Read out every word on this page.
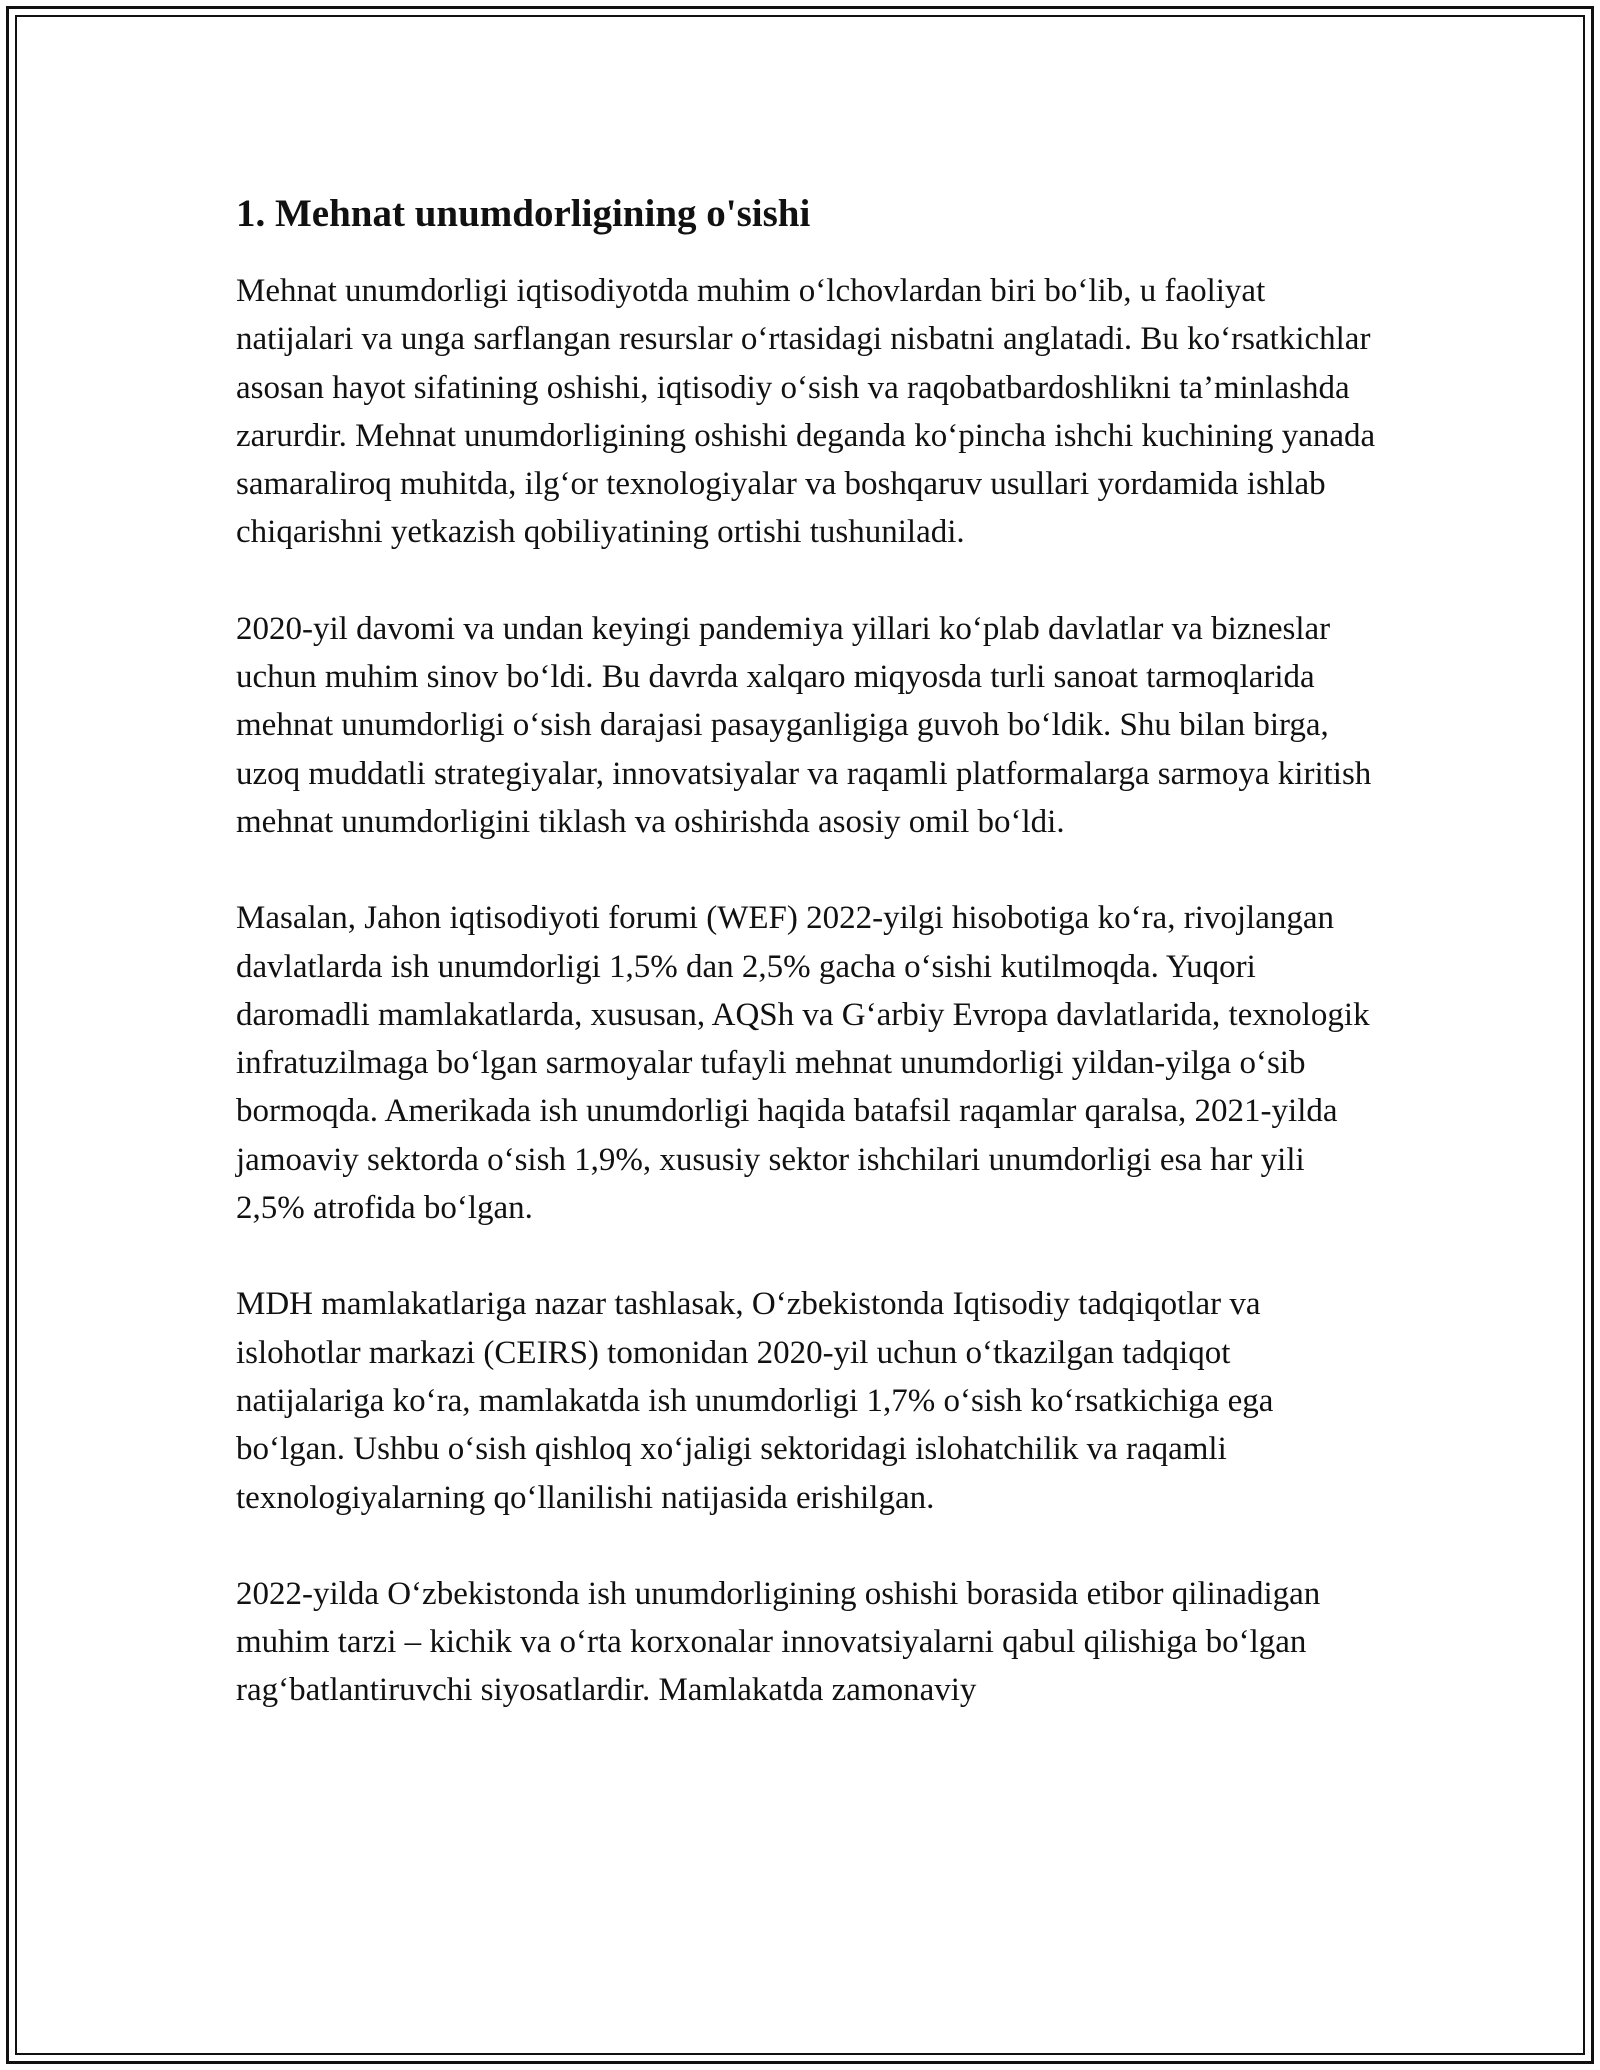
1. Mehnat unumdorligining o'sishi

Mehnat unumdorligi iqtisodiyotda muhim o‘lchovlardan biri bo‘lib, u faoliyat natijalari va unga sarflangan resurslar o‘rtasidagi nisbatni anglatadi. Bu ko‘rsatkichlar asosan hayot sifatining oshishi, iqtisodiy o‘sish va raqobatbardoshlikni ta’minlashda zarurdir. Mehnat unumdorligining oshishi deganda ko‘pincha ishchi kuchining yanada samaraliroq muhitda, ilg‘or texnologiyalar va boshqaruv usullari yordamida ishlab chiqarishni yetkazish qobiliyatining ortishi tushuniladi.

2020-yil davomi va undan keyingi pandemiya yillari ko‘plab davlatlar va bizneslar uchun muhim sinov bo‘ldi. Bu davrda xalqaro miqyosda turli sanoat tarmoqlarida mehnat unumdorligi o‘sish darajasi pasayganligiga guvoh bo‘ldik. Shu bilan birga, uzoq muddatli strategiyalar, innovatsiyalar va raqamli platformalarga sarmoya kiritish mehnat unumdorligini tiklash va oshirishda asosiy omil bo‘ldi.

Masalan, Jahon iqtisodiyoti forumi (WEF) 2022-yilgi hisobotiga ko‘ra, rivojlangan davlatlarda ish unumdorligi 1,5% dan 2,5% gacha o‘sishi kutilmoqda. Yuqori daromadli mamlakatlarda, xususan, AQSh va G‘arbiy Evropa davlatlarida, texnologik infratuzilmaga bo‘lgan sarmoyalar tufayli mehnat unumdorligi yildan-yilga o‘sib bormoqda. Amerikada ish unumdorligi haqida batafsil raqamlar qaralsa, 2021-yilda jamoaviy sektorda o‘sish 1,9%, xususiy sektor ishchilari unumdorligi esa har yili 2,5% atrofida bo‘lgan.

MDH mamlakatlariga nazar tashlasak, O‘zbekistonda Iqtisodiy tadqiqotlar va islohotlar markazi (CEIRS) tomonidan 2020-yil uchun o‘tkazilgan tadqiqot natijalariga ko‘ra, mamlakatda ish unumdorligi 1,7% o‘sish ko‘rsatkichiga ega bo‘lgan. Ushbu o‘sish qishloq xo‘jaligi sektoridagi islohatchilik va raqamli texnologiyalarning qo‘llanilishi natijasida erishilgan.

2022-yilda O‘zbekistonda ish unumdorligining oshishi borasida etibor qilinadigan muhim tarzi – kichik va o‘rta korxonalar innovatsiyalarni qabul qilishiga bo‘lgan rag‘batlantiruvchi siyosatlardir. Mamlakatda zamonaviy
